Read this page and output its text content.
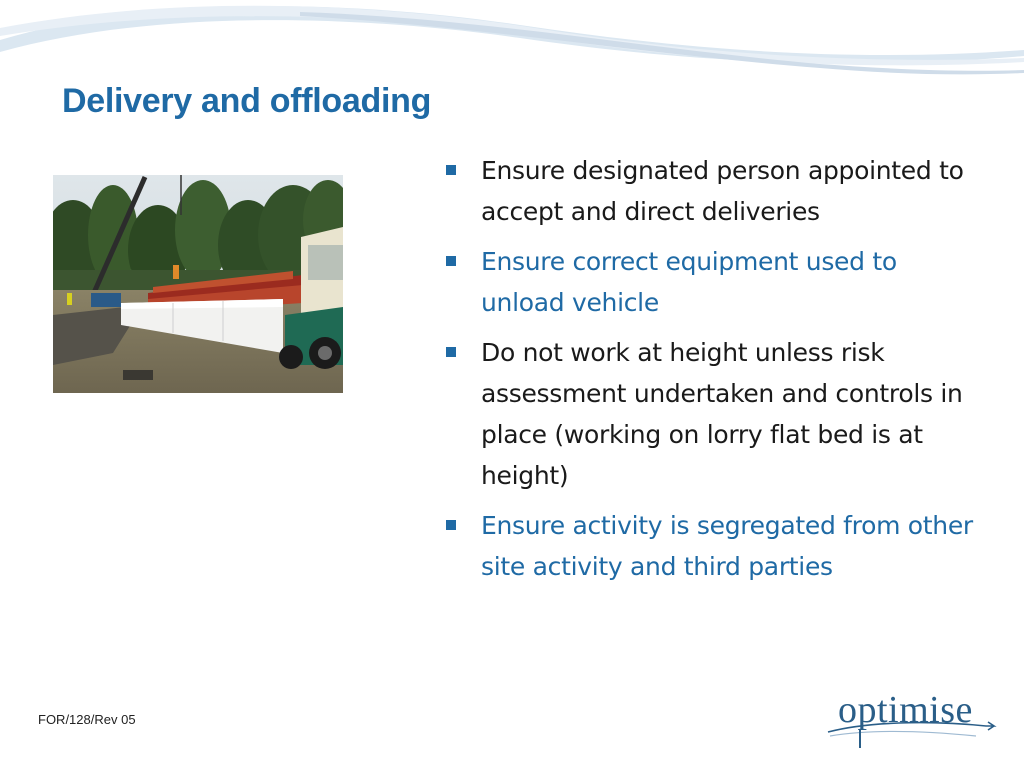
Delivery and offloading
Ensure designated person appointed to accept and direct deliveries
Ensure correct equipment used to unload vehicle
Do not work at height unless risk assessment undertaken and controls in place (working on lorry flat bed is at height)
Ensure activity is segregated from other site activity and third parties
FOR/128/Rev 05	optimise
